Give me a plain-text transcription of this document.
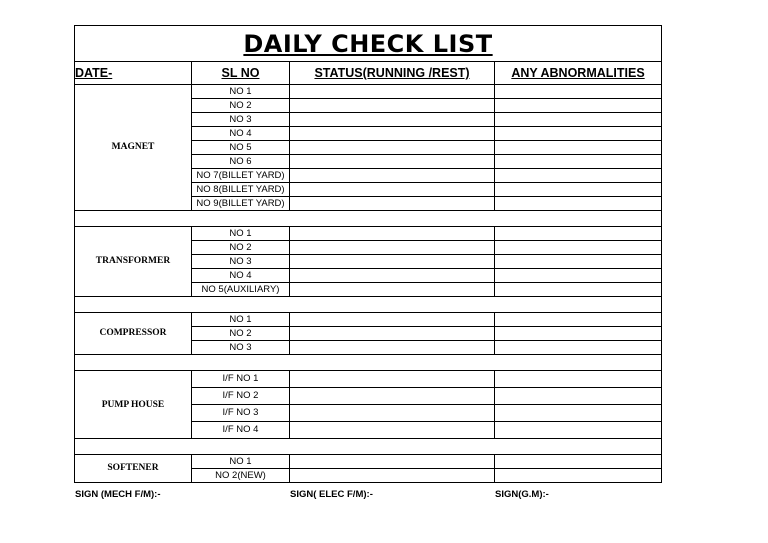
DAILY CHECK LIST			
DATE-	SL NO	STATUS(RUNNING /REST)	ANY ABNORMALITIES
MAGNET	NO 1		
	NO 2		
	NO 3		
	NO 4		
	NO 5		
	NO 6		
	NO 7(BILLET YARD)		
	NO 8(BILLET YARD)		
	NO 9(BILLET YARD)		

TRANSFORMER	NO 1		
	NO 2		
	NO 3		
	NO 4		
	NO 5(AUXILIARY)		

COMPRESSOR	NO 1		
	NO 2		
	NO 3		

PUMP HOUSE	I/F NO 1		
	I/F NO 2		
	I/F NO 3		
	I/F NO 4		

SOFTENER	NO 1		
	NO 2(NEW)		
SIGN (MECH F/M):-	SIGN( ELEC F/M):-	SIGN(G.M):-
